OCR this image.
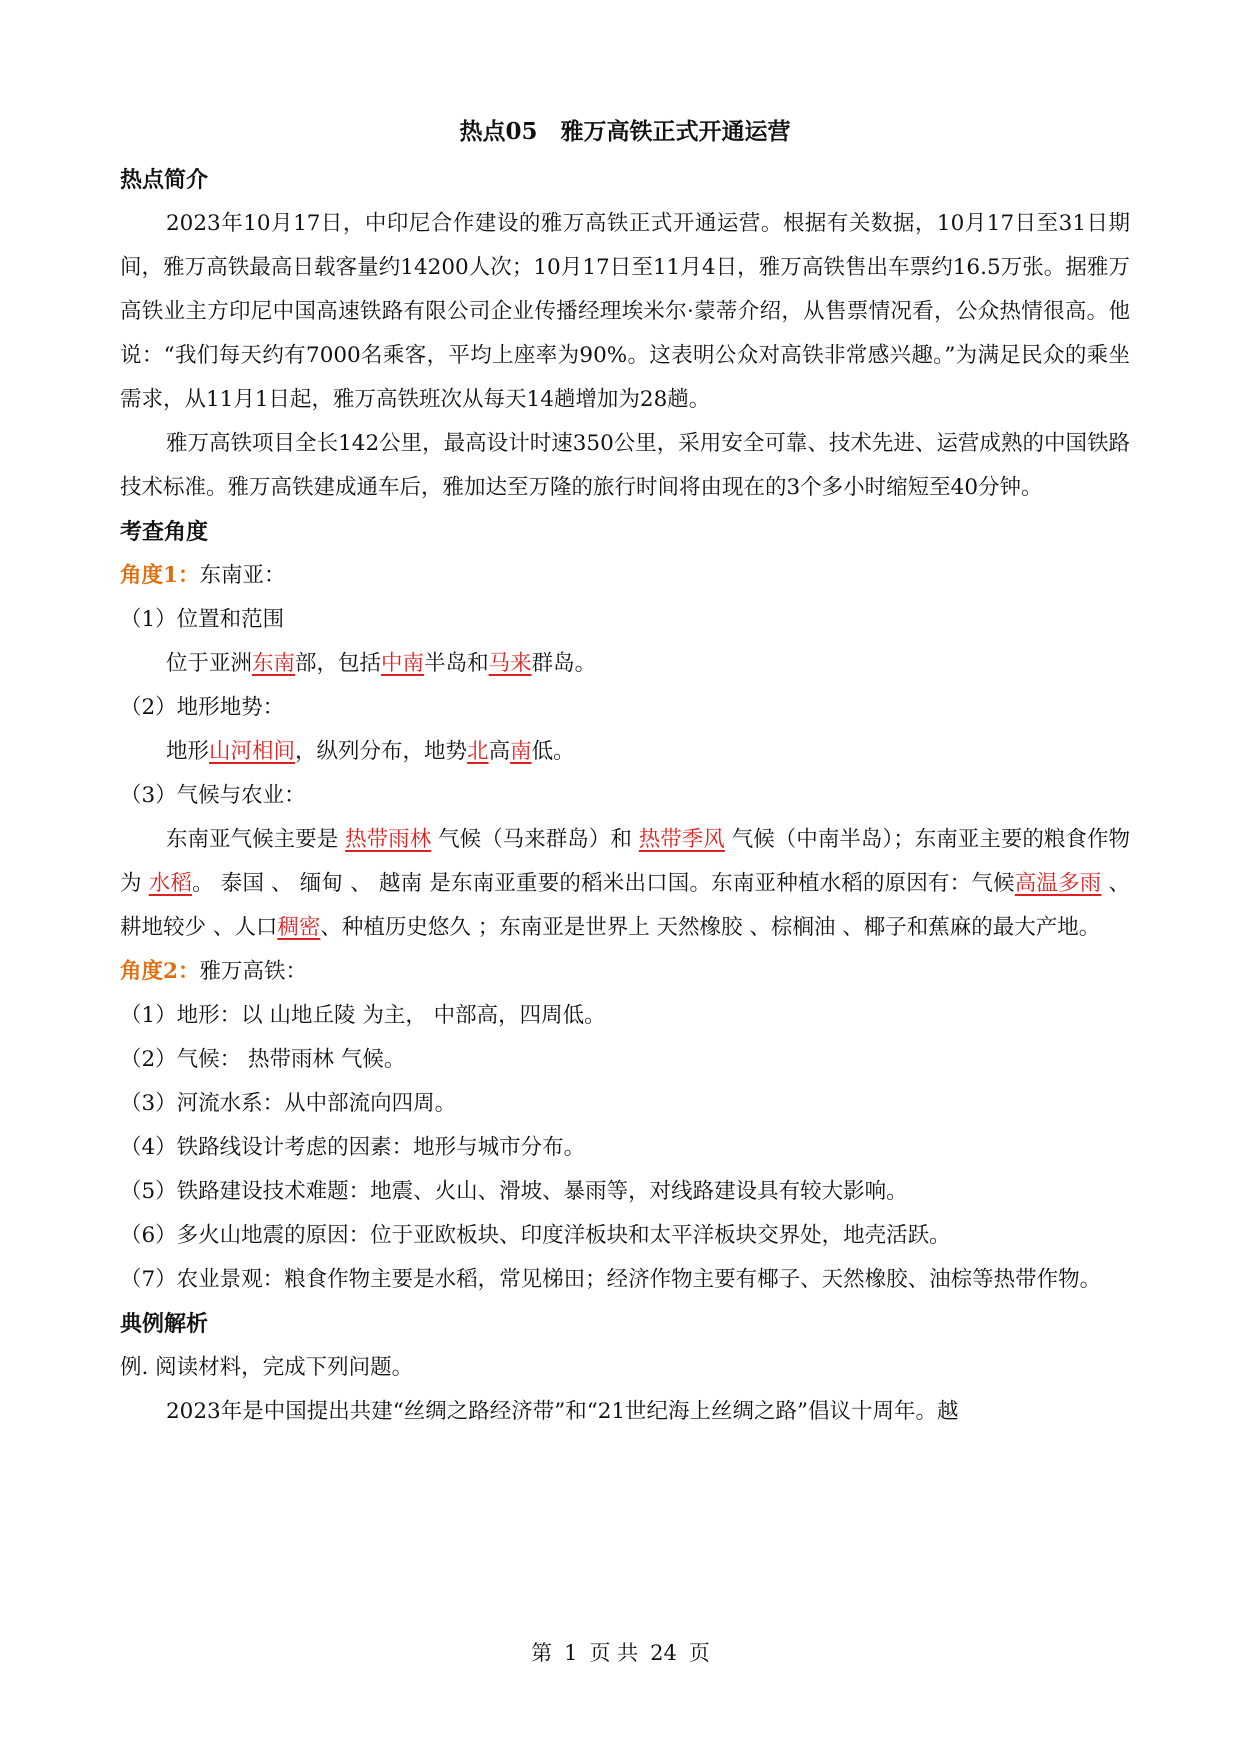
热点05　雅万高铁正式开通运营
热点简介

2023年10月17日，中印尼合作建设的雅万高铁正式开通运营。根据有关数据，10月17日至31日期间，雅万高铁最高日载客量约14200人次；10月17日至11月4日，雅万高铁售出车票约16.5万张。据雅万高铁业主方印尼中国高速铁路有限公司企业传播经理埃米尔·蒙蒂介绍，从售票情况看，公众热情很高。他说：“我们每天约有7000名乘客，平均上座率为90%。这表明公众对高铁非常感兴趣。”为满足民众的乘坐需求，从11月1日起，雅万高铁班次从每天14趟增加为28趟。

雅万高铁项目全长142公里，最高设计时速350公里，采用安全可靠、技术先进、运营成熟的中国铁路技术标准。雅万高铁建成通车后，雅加达至万隆的旅行时间将由现在的3个多小时缩短至40分钟。

考查角度
角度1：东南亚：
（1）位置和范围
位于亚洲东南部，包括中南半岛和马来群岛。
（2）地形地势：
地形山河相间，纵列分布，地势北高南低。
（3）气候与农业：

东南亚气候主要是 热带雨林 气候（马来群岛）和 热带季风 气候（中南半岛）；东南亚主要的粮食作物为 水稻。 泰国 、 缅甸 、 越南 是东南亚重要的稻米出口国。东南亚种植水稻的原因有：气候高温多雨 、耕地较少 、人口稠密、种植历史悠久 ；东南亚是世界上 天然橡胶 、棕榈油 、椰子和蕉麻的最大产地。

角度2：雅万高铁：
（1）地形：以 山地丘陵 为主， 中部高，四周低。
（2）气候： 热带雨林 气候。
（3）河流水系：从中部流向四周。
（4）铁路线设计考虑的因素：地形与城市分布。
（5）铁路建设技术难题：地震、火山、滑坡、暴雨等，对线路建设具有较大影响。
（6）多火山地震的原因：位于亚欧板块、印度洋板块和太平洋板块交界处，地壳活跃。

（7）农业景观：粮食作物主要是水稻，常见梯田；经济作物主要有椰子、天然橡胶、油棕等热带作物。

典例解析
例. 阅读材料，完成下列问题。
2023年是中国提出共建“丝绸之路经济带”和“21世纪海上丝绸之路”倡议十周年。越
第 1 页 共 24 页
